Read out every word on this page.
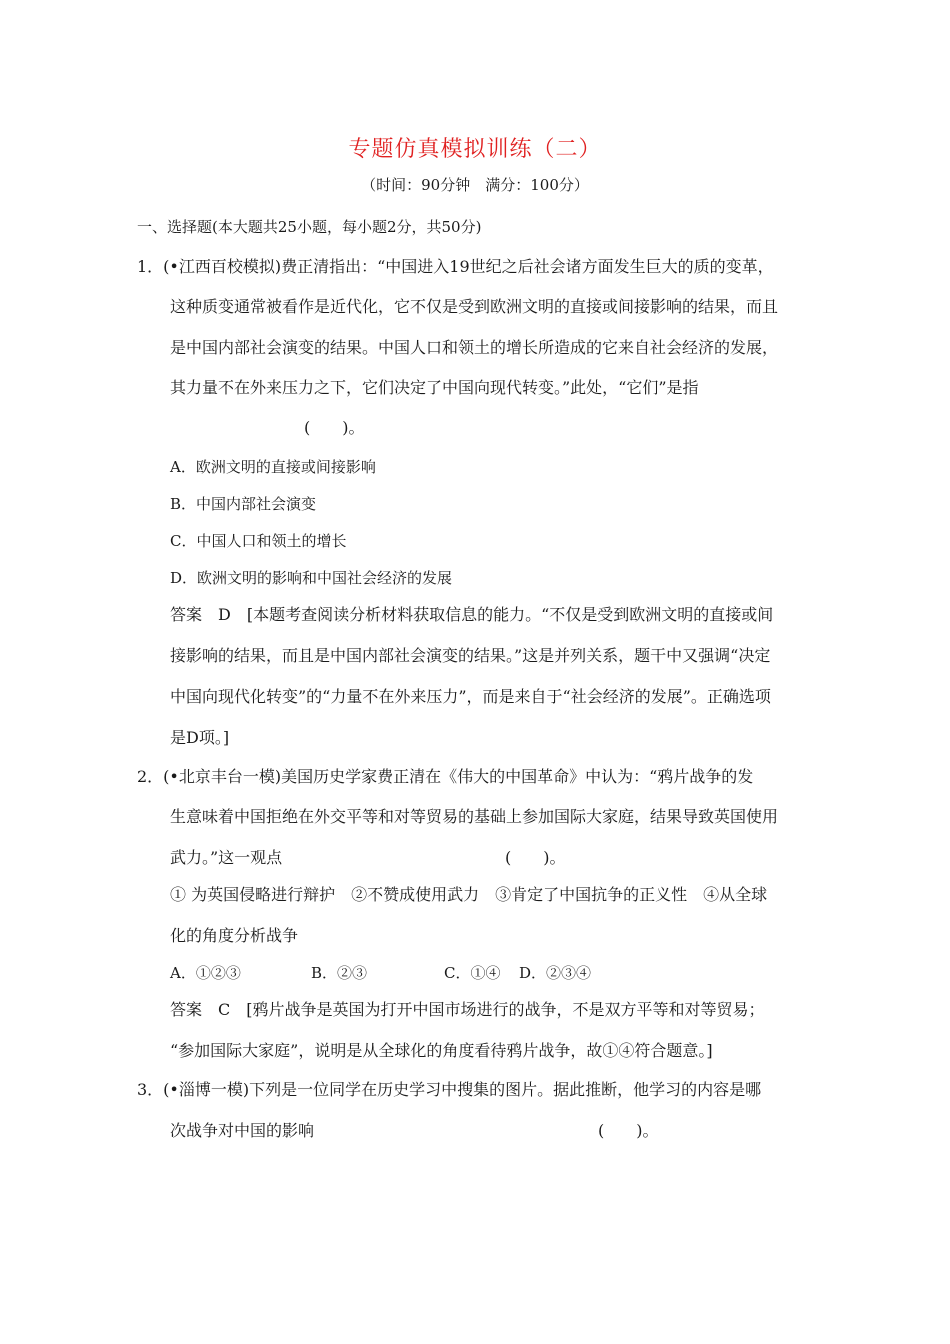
专题仿真模拟训练（二）
（时间：90分钟　满分：100分）
一、选择题(本大题共25小题，每小题2分，共50分)
1．(•江西百校模拟)费正清指出：“中国进入19世纪之后社会诸方面发生巨大的质的变革，
这种质变通常被看作是近代化，它不仅是受到欧洲文明的直接或间接影响的结果，而且
是中国内部社会演变的结果。中国人口和领土的增长所造成的它来自社会经济的发展，
其力量不在外来压力之下，它们决定了中国向现代转变。”此处，“它们”是指
(　　)。
A．欧洲文明的直接或间接影响
B．中国内部社会演变
C．中国人口和领土的增长
D．欧洲文明的影响和中国社会经济的发展
答案　D　[本题考查阅读分析材料获取信息的能力。“不仅是受到欧洲文明的直接或间
接影响的结果，而且是中国内部社会演变的结果。”这是并列关系，题干中又强调“决定
中国向现代化转变”的“力量不在外来压力”，而是来自于“社会经济的发展”。正确选项
是D项。]
2．(•北京丰台一模)美国历史学家费正清在《伟大的中国革命》中认为：“鸦片战争的发
生意味着中国拒绝在外交平等和对等贸易的基础上参加国际大家庭，结果导致英国使用
武力。”这一观点	(　　)。
① 为英国侵略进行辩护　②不赞成使用武力　③肯定了中国抗争的正义性　④从全球
化的角度分析战争
A．①②③	B．②③	C．①④ D．②③④
答案　C　[鸦片战争是英国为打开中国市场进行的战争，不是双方平等和对等贸易；
“参加国际大家庭”，说明是从全球化的角度看待鸦片战争，故①④符合题意。]
3．(•淄博一模)下列是一位同学在历史学习中搜集的图片。据此推断，他学习的内容是哪
次战争对中国的影响	(　　)。
